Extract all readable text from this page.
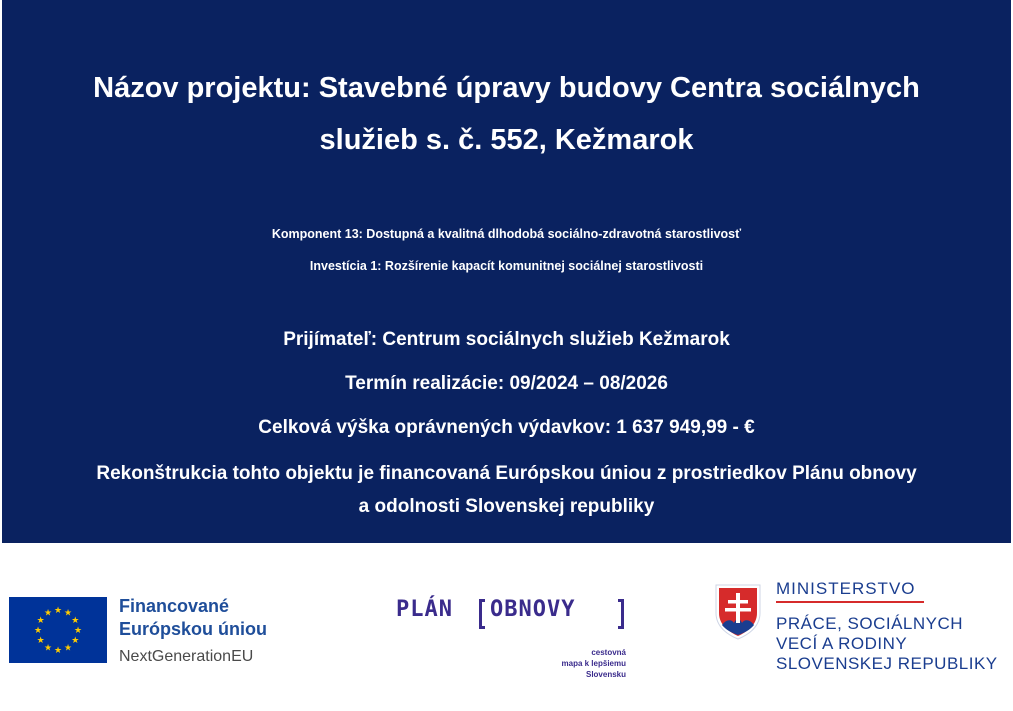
Názov projektu: Stavebné úpravy budovy Centra sociálnych
služieb s. č. 552, Kežmarok
Komponent 13: Dostupná a kvalitná dlhodobá sociálno-zdravotná starostlivosť
Investícia 1: Rozšírenie kapacít komunitnej sociálnej starostlivosti
Prijímateľ: Centrum sociálnych služieb Kežmarok
Termín realizácie: 09/2024 – 08/2026
Celková výška oprávnených výdavkov: 1 637 949,99 - €
Rekonštrukcia tohto objektu je financovaná Európskou úniou z prostriedkov Plánu obnovy
a odolnosti Slovenskej republiky
★ ★
★
★
★
★
★
★
★
★
★
★	Financované
Európskou úniou
NextGenerationEU
PLÁN OBNOVY
cestovná
mapa k lepšiemu
Slovensku
MINISTERSTVO
PRÁCE, SOCIÁLNYCH
VECÍ A RODINY
SLOVENSKEJ REPUBLIKY
